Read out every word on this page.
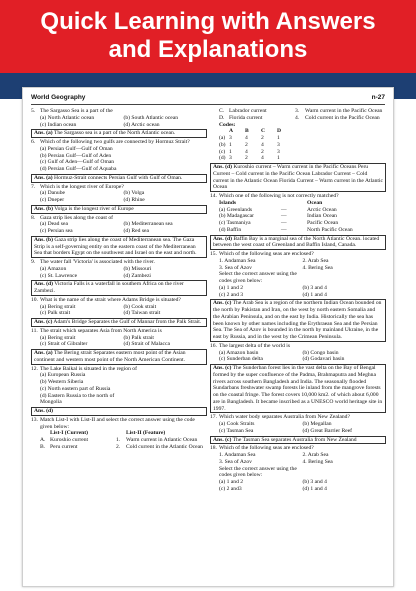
Quick Learning with Answers
and Explanations
World Geography	n-27
5. The Sargasso Sea is a part of the
(a) North Atlantic ocean	(b) South Atlantic ocean
(c) Indian ocean	(d) Arctic ocean
Ans. (a) The Sargasso sea is a part of the North Atlantic ocean.
6. Which of the following two gulfs are connected by Hormuz Strait?
(a) Persian Gulf—Gulf of Oman
(b) Persian Gulf—Gulf of Aden
(c) Gulf of Aden—Gulf of Oman
(d) Persian Gulf—Gulf of Aquaba
Ans. (a) Hormuz-Strait connects Persian Gulf with Gulf of Oman.
7. Which is the longest river of Europe?
(a) Danube	(b) Volga
(c) Dneper	(d) Rhine
Ans. (b) Volga is the longest river of Europe
8. Gaza strip lies along the coast of
(a) Dead sea	(b) Mediterranean sea
(c) Persian sea	(d) Red sea
Ans. (b) Gaza strip lies along the coast of Mediterranean sea. The Gaza Strip is a self-governing entity on the eastern coast of the Mediterranean Sea that borders Egypt on the southwest and Israel on the east and north.
9. The water fall 'Victoria' is associated with the river.
(a) Amazon	(b) Missouri
(c) St. Lawrence	(d) Zambezi
Ans. (d) Victoria Falls is a waterfall in southern Africa on the river Zambezi.
10. What is the name of the strait where Adams Bridge is situated?
(a) Bering strait	(b) Cook strait
(c) Palk strait	(d) Taiwan strait
Ans. (c) Adam's Bridge Separates the Gulf of Mannar from the Palk Strait.
11. The strait which separates Asia from North America is
(a) Bering strait	(b) Palk strait
(c) Strait of Gibralter	(d) Strait of Malacca
Ans. (a) The Bering strait Separates eastern most point of the Asian continent and western most point of the North American Continent.
12. The Lake Baikal is situated in the region of
(a) European Russia
(b) Western Siberia
(c) North eastern part of Russia
(d) Eastern Russia to the north of Mongolia
Ans. (d)
13. Match List-I with List-II and select the correct answer using the code given below:
List-I (Current)	List-II (Feature)
A. Kuroshio current	1.	Warm current in Atlantic Ocean
B. Peru current	2.	Cold current in the Atlantic Ocean
C. Labrador current	3.	Warm current in the Pacific Ocean
D. Florida current	4.	Cold current in the Pacific Ocean
Codes:
A	B	C	D
(a) 3	4	2	1
(b) 1	2	4	3
(c) 1	4	2	3
(d) 3	2	4	1
Ans. (d) Kuroshio current – Warm current in the Pacific Oceans Peru Current – Cold current in the Pacific Ocean Labrador Current – Cold current in the Atlantic Ocean Florida Current – Warm current in the Atlantic Ocean
14. Which one of the following is not correctly matched?
Islands	Ocean
(a) Greenlands	—	Arctic Ocean
(b) Madagascar	—	Indian Ocean
(c) Tasmaniya	—	Pacific Ocean
(d) Baffin	—	North Pacific Ocean
Ans. (d) Baffin Bay is a marginal sea of the North Atlantic Ocean. located between the west coast of Greenland and Baffin Island, Canada.
15. Which of the following seas are enclosed?
1. Andaman Sea	2. Arab Sea
3. Sea of Azov	4. Bering Sea
Select the correct answer using the codes given below:
(a) 1 and 2	(b) 3 and 4
(c) 2 and 3	(d) 1 and 4
Ans. (c) The Arab Sea is a region of the northern Indian Ocean bounded on the north by Pakistan and Iran, on the west by north eastern Somalia and the Arabian Peninsula, and on the east by India. Historically the sea has been known by other names including the Erythraean Sea and the Persian Sea. The Sea of Azov is bounded in the north by mainland Ukraine, in the east by Russia, and in the west by the Crimean Peninsula.
16. The largest delta of the world is
(a) Amazon basin	(b) Congo basin
(c) Sunderban delta	(d) Godavari basin
Ans. (c) The Sunderban forest lies in the vast delta on the Bay of Bengal formed by the super confluence of the Padma, Brahmaputra and Meghna rivers across southern Bangladesh and India. The seasonally flooded Sundarbans freshwater swamp forests lie inland from the mangrove forests on the coastal fringe. The forest covers 10,000 km2. of which about 6,000 are in Bangladesh. It became inscribed as a UNESCO world heritage site in 1997.
17. Which water body separates Australia from New Zealand?
(a) Cook Straits	(b) Megallan
(c) Tasman Sea	(d) Great Barrier Reef
Ans. (c) The Tasman Sea separates Australia from New Zealand
18. Which of the following seas are enclosed?
1. Andaman Sea	2. Arab Sea
3. Sea of Azov	4. Bering Sea
Select the correct answer using the codes given below:
(a) 1 and 2	(b) 3 and 4
(c) 2 and3	(d) 1 and 4
